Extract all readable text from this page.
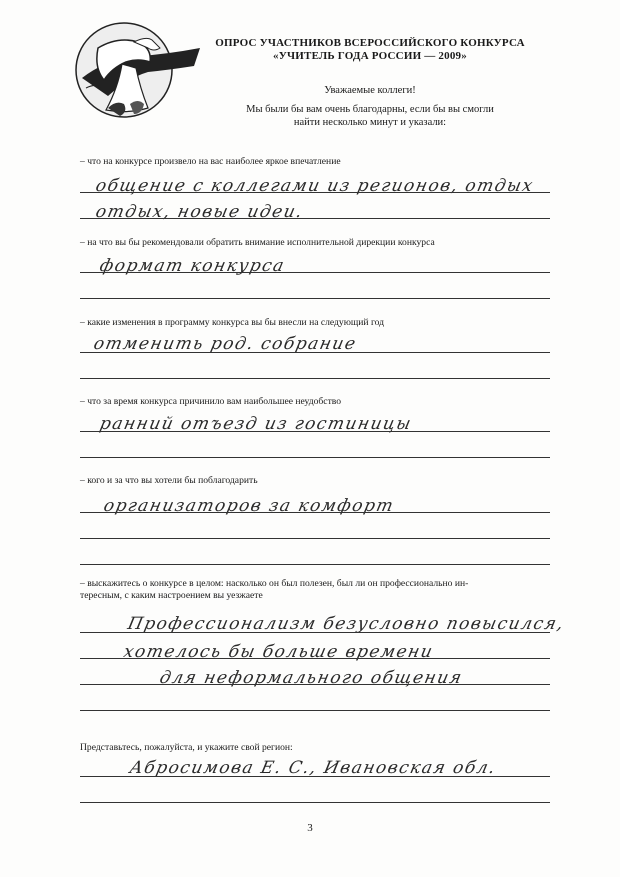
ОПРОС УЧАСТНИКОВ ВСЕРОССИЙСКОГО КОНКУРСА
«УЧИТЕЛЬ ГОДА РОССИИ — 2009»
Уважаемые коллеги!
Мы были бы вам очень благодарны, если бы вы смогли
найти несколько минут и указали:
– что на конкурсе произвело на вас наиболее яркое впечатление
общение с коллегами из регионов, отдых
отдых, новые идеи.
– на что вы бы рекомендовали обратить внимание исполнительной дирекции конкурса
формат конкурса
– какие изменения в программу конкурса вы бы внесли на следующий год
отменить род. собрание
– что за время конкурса причинило вам наибольшее неудобство
ранний отъезд из гостиницы
– кого и за что вы хотели бы поблагодарить
организаторов за комфорт
– выскажитесь о конкурсе в целом: насколько он был полезен, был ли он профессионально ин-
тересным, с каким настроением вы уезжаете
Профессионализм безусловно повысился,
хотелось бы больше времени
для неформального общения
Представьтесь, пожалуйста, и укажите свой регион:
Абросимова Е. С., Ивановская обл.
3
